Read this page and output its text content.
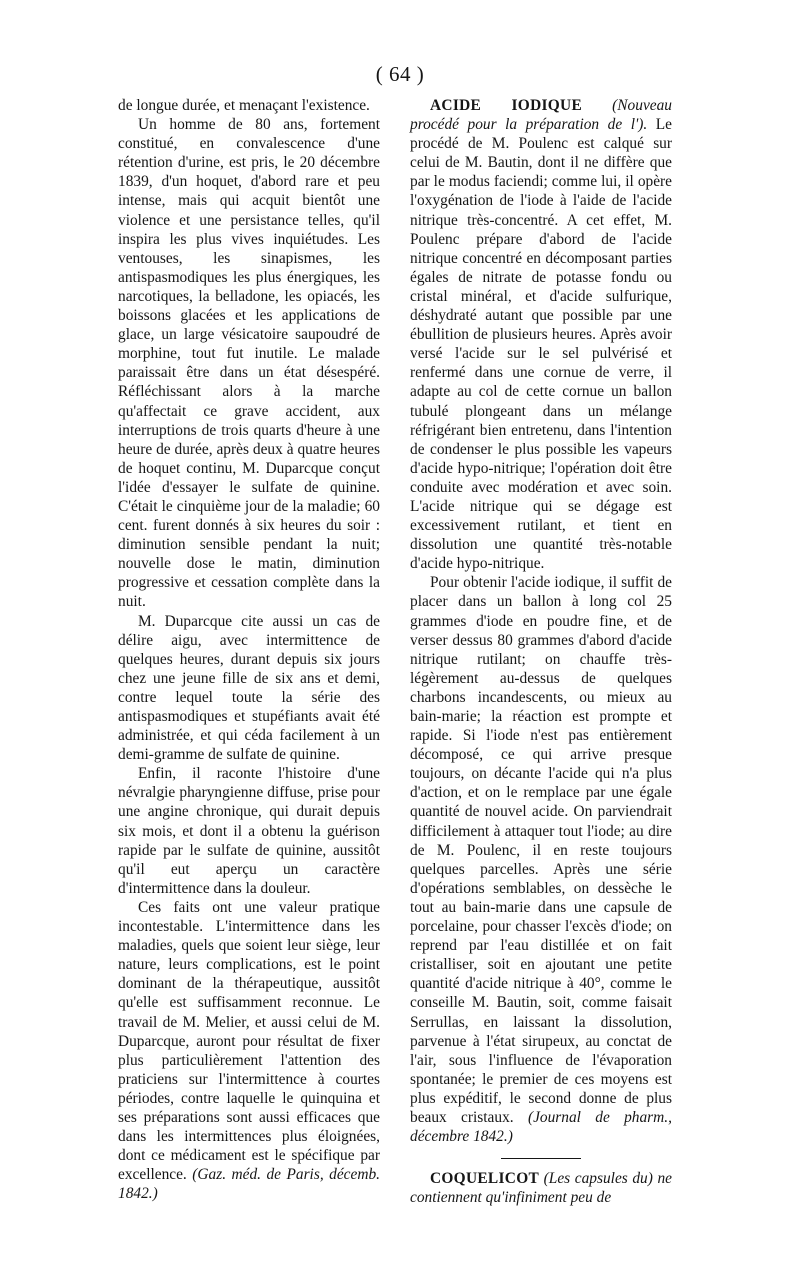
( 64 )

de longue durée, et menaçant l'existence.

Un homme de 80 ans, fortement constitué, en convalescence d'une rétention d'urine, est pris, le 20 décembre 1839, d'un hoquet, d'abord rare et peu intense, mais qui acquit bientôt une violence et une persistance telles, qu'il inspira les plus vives inquiétudes. Les ventouses, les sinapismes, les antispasmodiques les plus énergiques, les narcotiques, la belladone, les opiacés, les boissons glacées et les applications de glace, un large vésicatoire saupoudré de morphine, tout fut inutile. Le malade paraissait être dans un état désespéré. Réfléchissant alors à la marche qu'affectait ce grave accident, aux interruptions de trois quarts d'heure à une heure de durée, après deux à quatre heures de hoquet continu, M. Duparcque conçut l'idée d'essayer le sulfate de quinine. C'était le cinquième jour de la maladie; 60 cent. furent donnés à six heures du soir : diminution sensible pendant la nuit; nouvelle dose le matin, diminution progressive et cessation complète dans la nuit.

M. Duparcque cite aussi un cas de délire aigu, avec intermittence de quelques heures, durant depuis six jours chez une jeune fille de six ans et demi, contre lequel toute la série des antispasmodiques et stupéfiants avait été administrée, et qui céda facilement à un demi-gramme de sulfate de quinine.

Enfin, il raconte l'histoire d'une névralgie pharyngienne diffuse, prise pour une angine chronique, qui durait depuis six mois, et dont il a obtenu la guérison rapide par le sulfate de quinine, aussitôt qu'il eut aperçu un caractère d'intermittence dans la douleur.

Ces faits ont une valeur pratique incontestable. L'intermittence dans les maladies, quels que soient leur siège, leur nature, leurs complications, est le point dominant de la thérapeutique, aussitôt qu'elle est suffisamment reconnue. Le travail de M. Melier, et aussi celui de M. Duparcque, auront pour résultat de fixer plus particulièrement l'attention des praticiens sur l'intermittence à courtes périodes, contre laquelle le quinquina et ses préparations sont aussi efficaces que dans les intermittences plus éloignées, dont ce médicament est le spécifique par excellence. (Gaz. méd. de Paris, décemb. 1842.)

ACIDE IODIQUE (Nouveau procédé pour la préparation de l'). Le procédé de M. Poulenc est calqué sur celui de M. Bautin, dont il ne diffère que par le modus faciendi; comme lui, il opère l'oxygénation de l'iode à l'aide de l'acide nitrique très-concentré. A cet effet, M. Poulenc prépare d'abord de l'acide nitrique concentré en décomposant parties égales de nitrate de potasse fondu ou cristal minéral, et d'acide sulfurique, déshydraté autant que possible par une ébullition de plusieurs heures. Après avoir versé l'acide sur le sel pulvérisé et renfermé dans une cornue de verre, il adapte au col de cette cornue un ballon tubulé plongeant dans un mélange réfrigérant bien entretenu, dans l'intention de condenser le plus possible les vapeurs d'acide hypo-nitrique; l'opération doit être conduite avec modération et avec soin. L'acide nitrique qui se dégage est excessivement rutilant, et tient en dissolution une quantité très-notable d'acide hypo-nitrique.

Pour obtenir l'acide iodique, il suffit de placer dans un ballon à long col 25 grammes d'iode en poudre fine, et de verser dessus 80 grammes d'abord d'acide nitrique rutilant; on chauffe très-légèrement au-dessus de quelques charbons incandescents, ou mieux au bain-marie; la réaction est prompte et rapide. Si l'iode n'est pas entièrement décomposé, ce qui arrive presque toujours, on décante l'acide qui n'a plus d'action, et on le remplace par une égale quantité de nouvel acide. On parviendrait difficilement à attaquer tout l'iode; au dire de M. Poulenc, il en reste toujours quelques parcelles. Après une série d'opérations semblables, on dessèche le tout au bain-marie dans une capsule de porcelaine, pour chasser l'excès d'iode; on reprend par l'eau distillée et on fait cristalliser, soit en ajoutant une petite quantité d'acide nitrique à 40°, comme le conseille M. Bautin, soit, comme faisait Serrullas, en laissant la dissolution, parvenue à l'état sirupeux, au conctat de l'air, sous l'influence de l'évaporation spontanée; le premier de ces moyens est plus expéditif, le second donne de plus beaux cristaux. (Journal de pharm., décembre 1842.)

COQUELICOT (Les capsules du) ne contiennent qu'infiniment peu de
